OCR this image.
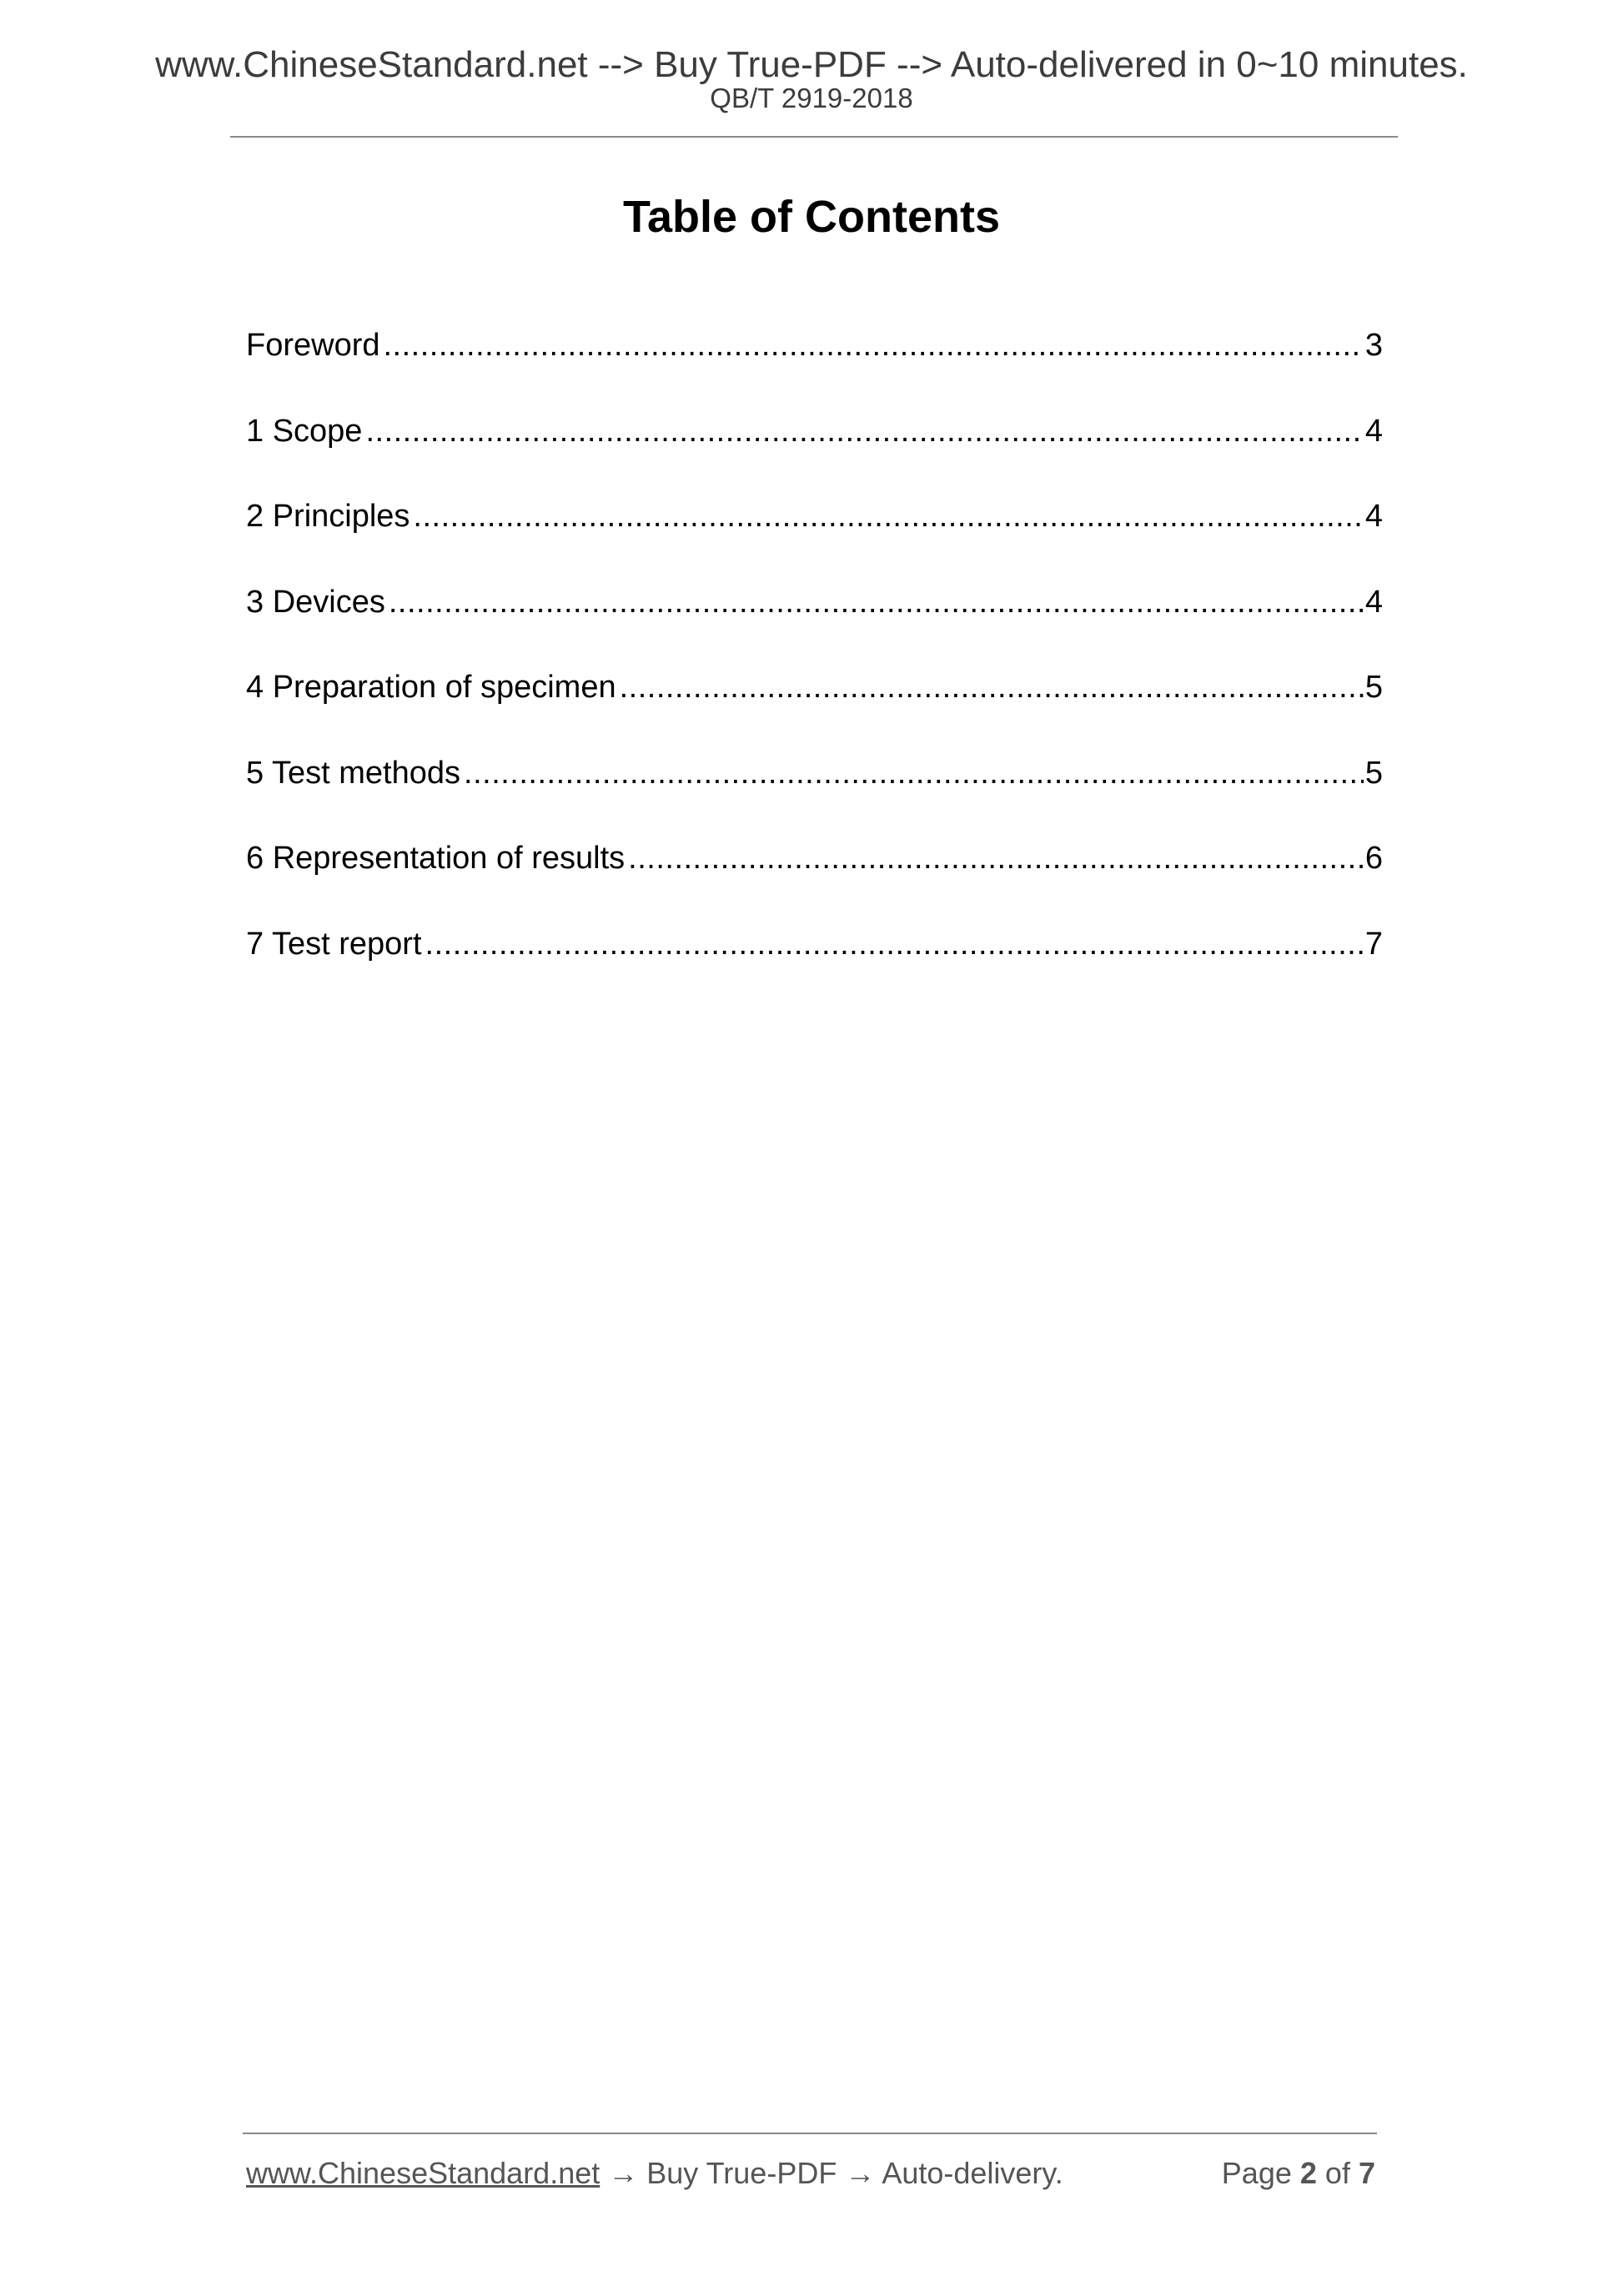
www.ChineseStandard.net --> Buy True-PDF --> Auto-delivered in 0~10 minutes.
QB/T 2919-2018
Table of Contents
Foreword .....	3
1 Scope .....	4
2 Principles .....	4
3 Devices .....	4
4 Preparation of specimen .....	5
5 Test methods .....	5
6 Representation of results .....	6
7 Test report .....	7
www.ChineseStandard.net → Buy True-PDF → Auto-delivery.	Page 2 of 7
